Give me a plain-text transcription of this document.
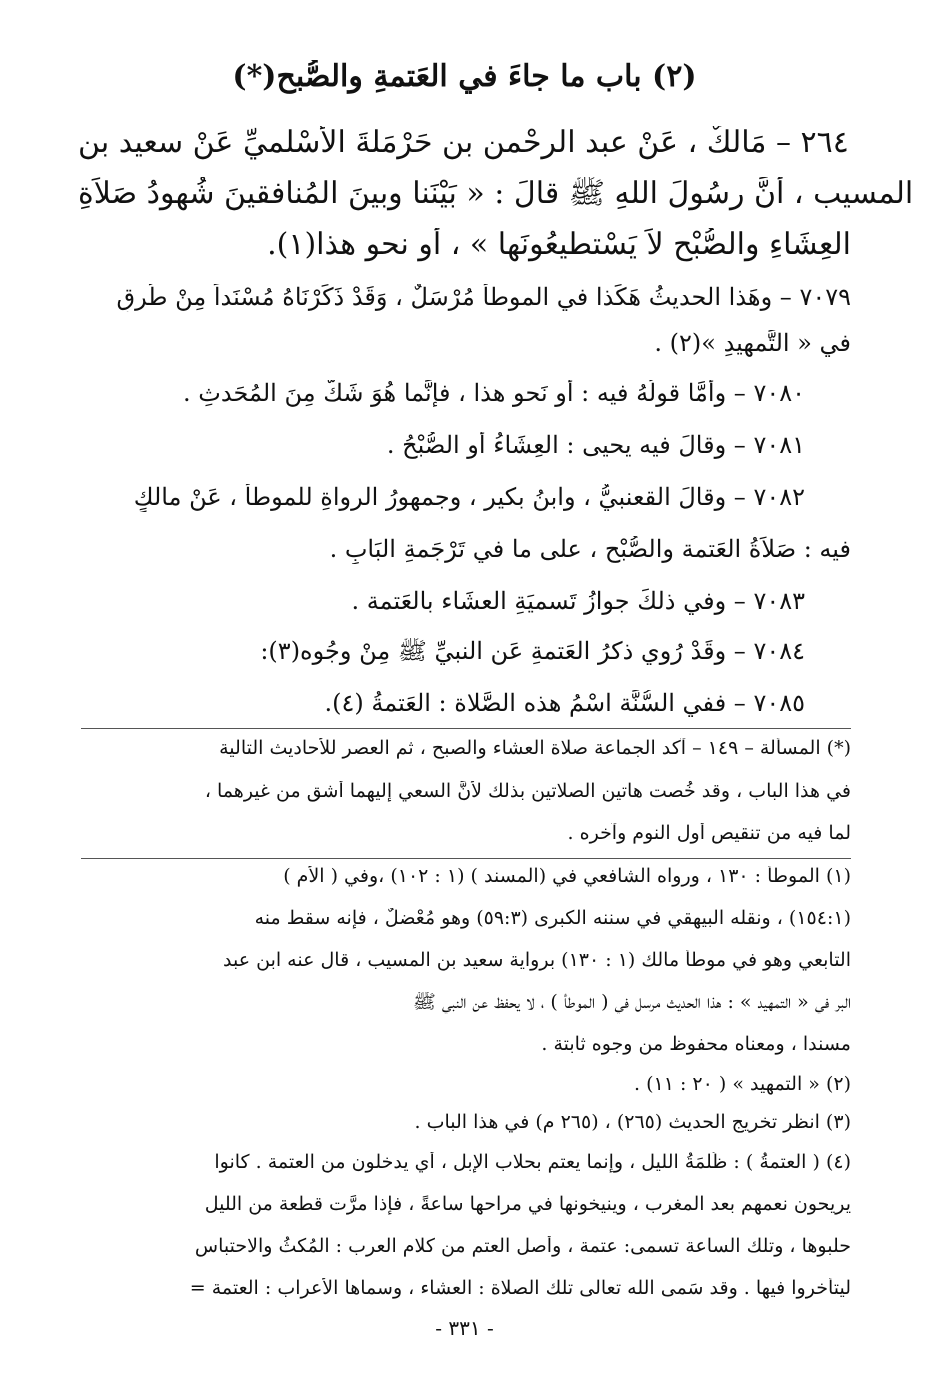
(٢) باب ما جاءَ في العَتمةِ والصُّبح(*)
٢٦٤ – مَالكٌ ، عَنْ عبد الرحْمن بن حَرْمَلةَ الأسْلميِّ عَنْ سعيد بن
المسيب ، أنَّ رسُولَ اللهِ ﷺ قالَ : « بَيْنَنا وبينَ المُنافقينَ شُهودُ صَلاَةِ
العِشَاءِ والصُّبْحِ لاَ يَسْتطيعُونَها » ، أو نحو هذا(١).
٧٠٧٩ – وهَذا الحديثُ هَكَذا في الموطأ مُرْسَلٌ ، وَقَدْ ذَكَرْنَاهُ مُسْنَداً مِنْ طُرقٍ
في « التَّمهيدِ »(٢) .
٧٠٨٠ – وأمَّا قولُهُ فيه : أو نَحو هذا ، فإنَّما هُوَ شَكٌّ مِنَ المُحَدثِ .
٧٠٨١ – وقالَ فيه يحيى : العِشَاءُ أو الصُّبْحُ .
٧٠٨٢ – وقالَ القعنبيُّ ، وابنُ بكير ، وجمهورُ الرواةِ للموطأ ، عَنْ مالكٍ
فيه : صَلاَةُ العَتمة والصُّبْحِ ، على ما في تَرْجَمةِ البَابِ .
٧٠٨٣ – وفي ذلكَ جوازُ تَسميَةِ العشَاء بالعَتمة .
٧٠٨٤ – وقَدْ رُوي ذكرُ العَتمةِ عَنِ النبيِّ ﷺ مِنْ وجُوه(٣):
٧٠٨٥ – ففي السُّنَّة اسْمُ هذه الصَّلاة : العَتمةُ (٤).
(*) المسألة – ١٤٩ – آكد الجماعة صلاة العشاء والصبح ، ثم العصر للأحاديث التالية
في هذا الباب ، وقد خُصت هاتين الصلاتين بذلك لأنَّ السعي إليهما أشق من غيرهما ،
لما فيه من تنقيص أول النوم وآخره .
(١) الموطأ : ١٣٠ ، ورواه الشافعي في (المسند ) (١ : ١٠٢) ،وفي ( الأم )
(١٥٤:١) ، ونقله البيهقي في سننه الكبرى (٥٩:٣) وهو مُعْضلٌ ، فإنه سقط منه
التابعي وهو في موطأ مالك (١ : ١٣٠) برواية سعيد بن المسيب ، قال عنه ابن عبد
البر في « التمهيد » : هذا الحديث مرسل في ( الموطأ ) ، لا يحفظ عن النبي ﷺ
مسندا ، ومعناه محفوظ من وجوه ثابتة .
(٢) « التمهيد » ( ٢٠ : ١١) .
(٣) انظر تخريج الحديث (٢٦٥) ، (٢٦٥ م) في هذا الباب .
(٤) ( العتمةُ ) : ظُلمَةُ الليل ، وإنما يعتم بحلاب الإبل ، أي يدخلون من العتمة . كانوا
يريحون نعمهم بعد المغرب ، وينيخونها في مراحها ساعةً ، فإذا مرَّت قطعة من الليل
حلبوها ، وتلك الساعة تسمى: عتمة ، وأصل العتم من كلام العرب : المُكثُ والاحتباس
ليتأخروا فيها . وقد سَمى الله تعالى تلك الصلاة : العشاء ، وسماها الأعراب : العتمة =
- ٣٣١ -
